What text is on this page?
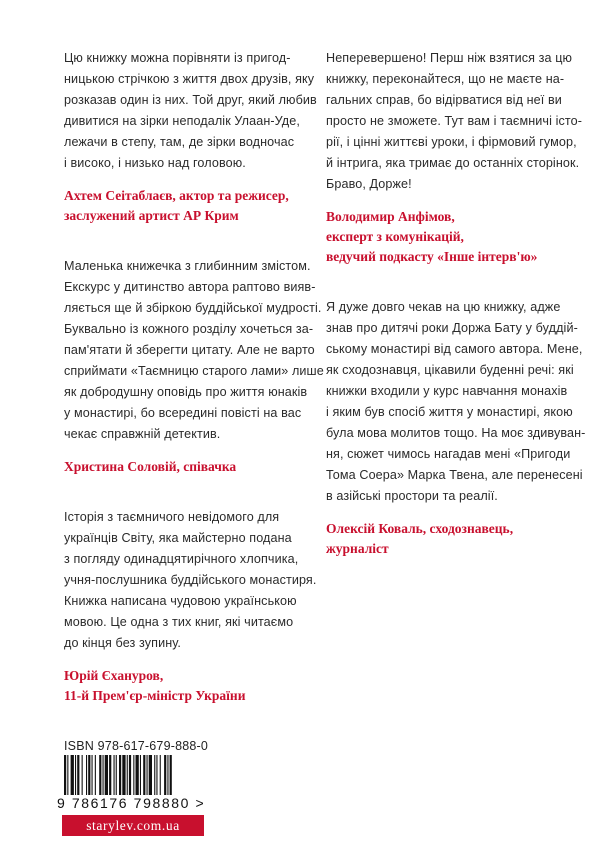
Цю книжку можна порівняти із пригод-
ницькою стрічкою з життя двох друзів, яку
розказав один із них. Той друг, який любив
дивитися на зірки неподалік Улаан-Уде,
лежачи в степу, там, де зірки водночас
і високо, і низько над головою.

Ахтем Сеітаблаєв, актор та режисер,
заслужений артист АР Крим

Маленька книжечка з глибинним змістом.
Екскурс у дитинство автора раптово вияв-
ляється ще й збіркою буддійської мудрості.
Буквально із кожного розділу хочеться за-
пам'ятати й зберегти цитату. Але не варто
сприймати «Таємницю старого лами» лише
як добродушну оповідь про життя юнаків
у монастирі, бо всередині повісті на вас
чекає справжній детектив.

Христина Соловій, співачка

Історія з таємничого невідомого для
українців Світу, яка майстерно подана
з погляду одинадцятирічного хлопчика,
учня-послушника буддійського монастиря.
Книжка написана чудовою українською
мовою. Це одна з тих книг, які читаємо
до кінця без зупину.

Юрій Єхануров,
11-й Прем'єр-міністр України

Неперевершено! Перш ніж взятися за цю
книжку, переконайтеся, що не маєте на-
гальних справ, бо відірватися від неї ви
просто не зможете. Тут вам і таємничі істо-
рії, і цінні життєві уроки, і фірмовий гумор,
й інтрига, яка тримає до останніх сторінок.
Браво, Дорже!

Володимир Анфімов,
експерт з комунікацій,
ведучий подкасту «Інше інтерв'ю»

Я дуже довго чекав на цю книжку, адже
знав про дитячі роки Доржа Бату у буддій-
ському монастирі від самого автора. Мене,
як сходознавця, цікавили буденні речі: які
книжки входили у курс навчання монахів
і яким був спосіб життя у монастирі, якою
була мова молитов тощо. На моє здивуван-
ня, сюжет чимось нагадав мені «Пригоди
Тома Соера» Марка Твена, але перенесені
в азійські простори та реалії.

Олексій Коваль, сходознавець,
журналіст
ISBN 978-617-679-888-0
9 786176 798880 >
starylev.com.ua
